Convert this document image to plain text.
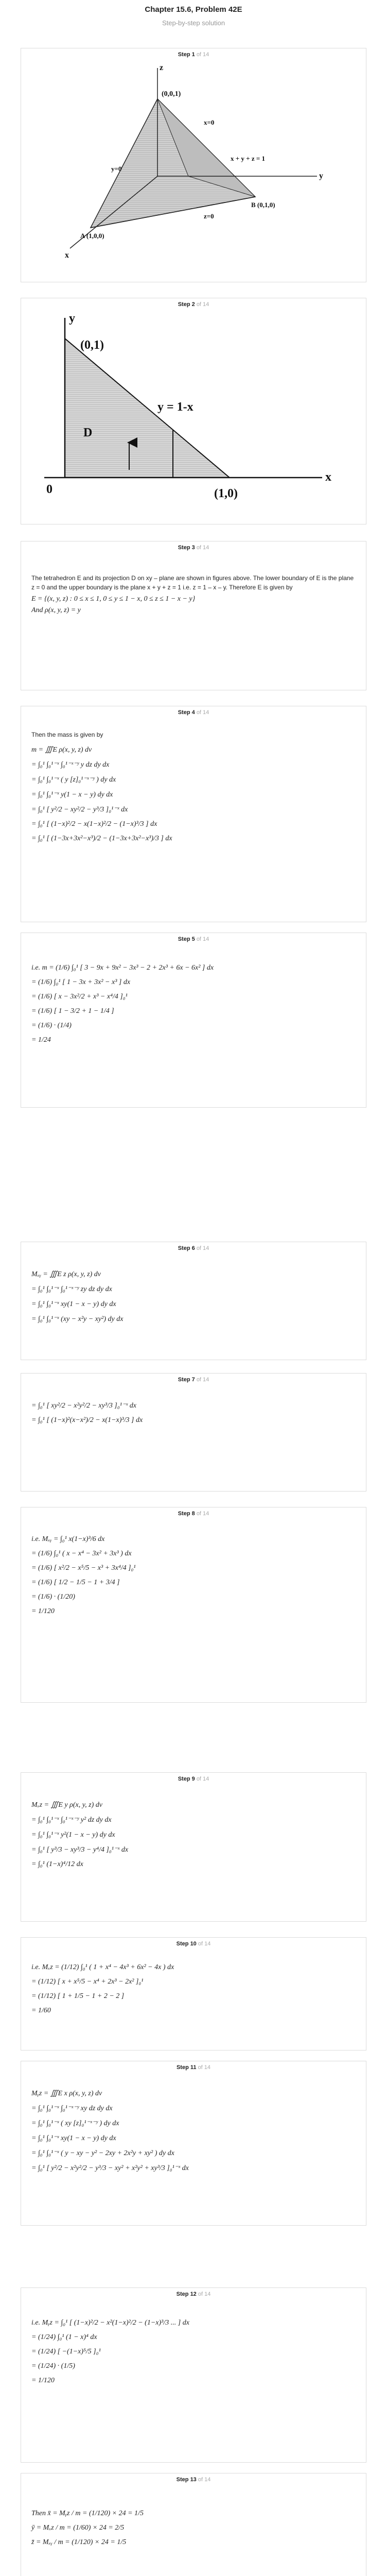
Chapter 15.6, Problem 42E
Step-by-step solution
Step 1 of 14
z
y
x
(0,0,1)
A (1,0,0)
B (0,1,0)
x=0
y=0
z=0
x + y + z = 1
Step 2 of 14
y
x
0
(0,1)
(1,0)
D
y = 1-x
Step 3 of 14
The tetrahedron E and its projection D on xy – plane are shown in figures above. The lower boundary of E is the plane z = 0 and the upper boundary is the plane x + y + z = 1 i.e. z = 1 – x – y. Therefore E is given by
E = {(x, y, z) : 0 ≤ x ≤ 1, 0 ≤ y ≤ 1 − x, 0 ≤ z ≤ 1 − x − y}
And ρ(x, y, z) = y
Step 4 of 14
Then the mass is given by
m = ∭E ρ(x, y, z) dv
= ∫₀¹ ∫₀¹⁻ˣ ∫₀¹⁻ˣ⁻ʸ y dz dy dx
= ∫₀¹ ∫₀¹⁻ˣ ( y [z]₀¹⁻ˣ⁻ʸ ) dy dx
= ∫₀¹ ∫₀¹⁻ˣ y(1 − x − y) dy dx
= ∫₀¹ [ y²/2 − xy²/2 − y³/3 ]₀¹⁻ˣ dx
= ∫₀¹ [ (1−x)²/2 − x(1−x)²/2 − (1−x)³/3 ] dx
= ∫₀¹ [ (1−3x+3x²−x³)/2 − (1−3x+3x²−x³)/3 ] dx
Step 5 of 14
i.e. m = (1/6) ∫₀¹ [ 3 − 9x + 9x² − 3x³ − 2 + 2x³ + 6x − 6x² ] dx
= (1/6) ∫₀¹ [ 1 − 3x + 3x² − x³ ] dx
= (1/6) [ x − 3x²/2 + x³ − x⁴/4 ]₀¹
= (1/6) [ 1 − 3/2 + 1 − 1/4 ]
= (1/6) · (1/4)
= 1/24
Step 6 of 14
Mₓᵧ = ∭E z ρ(x, y, z) dv
= ∫₀¹ ∫₀¹⁻ˣ ∫₀¹⁻ˣ⁻ʸ zy dz dy dx
= ∫₀¹ ∫₀¹⁻ˣ xy(1 − x − y) dy dx
= ∫₀¹ ∫₀¹⁻ˣ (xy − x²y − xy²) dy dx
Step 7 of 14
= ∫₀¹ [ xy²/2 − x²y²/2 − xy³/3 ]₀¹⁻ˣ dx
= ∫₀¹ [ (1−x)²(x−x²)/2 − x(1−x)³/3 ] dx
Step 8 of 14
i.e. Mₓᵧ = ∫₀¹ x(1−x)³/6 dx
= (1/6) ∫₀¹ ( x − x⁴ − 3x² + 3x³ ) dx
= (1/6) [ x²/2 − x⁵/5 − x³ + 3x⁴/4 ]₀¹
= (1/6) [ 1/2 − 1/5 − 1 + 3/4 ]
= (1/6) · (1/20)
= 1/120
Step 9 of 14
Mₓz = ∭E y ρ(x, y, z) dv
= ∫₀¹ ∫₀¹⁻ˣ ∫₀¹⁻ˣ⁻ʸ y² dz dy dx
= ∫₀¹ ∫₀¹⁻ˣ y²(1 − x − y) dy dx
= ∫₀¹ [ y³/3 − xy³/3 − y⁴/4 ]₀¹⁻ˣ dx
= ∫₀¹ (1−x)⁴/12 dx
Step 10 of 14
i.e. Mₓz = (1/12) ∫₀¹ ( 1 + x⁴ − 4x³ + 6x² − 4x ) dx
= (1/12) [ x + x⁵/5 − x⁴ + 2x³ − 2x² ]₀¹
= (1/12) [ 1 + 1/5 − 1 + 2 − 2 ]
= 1/60
Step 11 of 14
Mᵧz = ∭E x ρ(x, y, z) dv
= ∫₀¹ ∫₀¹⁻ˣ ∫₀¹⁻ˣ⁻ʸ xy dz dy dx
= ∫₀¹ ∫₀¹⁻ˣ ( xy [z]₀¹⁻ˣ⁻ʸ ) dy dx
= ∫₀¹ ∫₀¹⁻ˣ xy(1 − x − y) dy dx
= ∫₀¹ ∫₀¹⁻ˣ ( y − xy − y² − 2xy + 2x²y + xy² ) dy dx
= ∫₀¹ [ y²/2 − x²y²/2 − y³/3 − xy² + x²y² + xy³/3 ]₀¹⁻ˣ dx
Step 12 of 14
i.e. Mᵧz = ∫₀¹ [ (1−x)²/2 − x²(1−x)²/2 − (1−x)³/3 ... ] dx
= (1/24) ∫₀¹ (1 − x)⁴ dx
= (1/24) [ −(1−x)⁵/5 ]₀¹
= (1/24) · (1/5)
= 1/120
Step 13 of 14
Then x̄ = Mᵧz / m = (1/120) × 24 = 1/5
ȳ = Mₓz / m = (1/60) × 24 = 2/5
z̄ = Mₓᵧ / m = (1/120) × 24 = 1/5
